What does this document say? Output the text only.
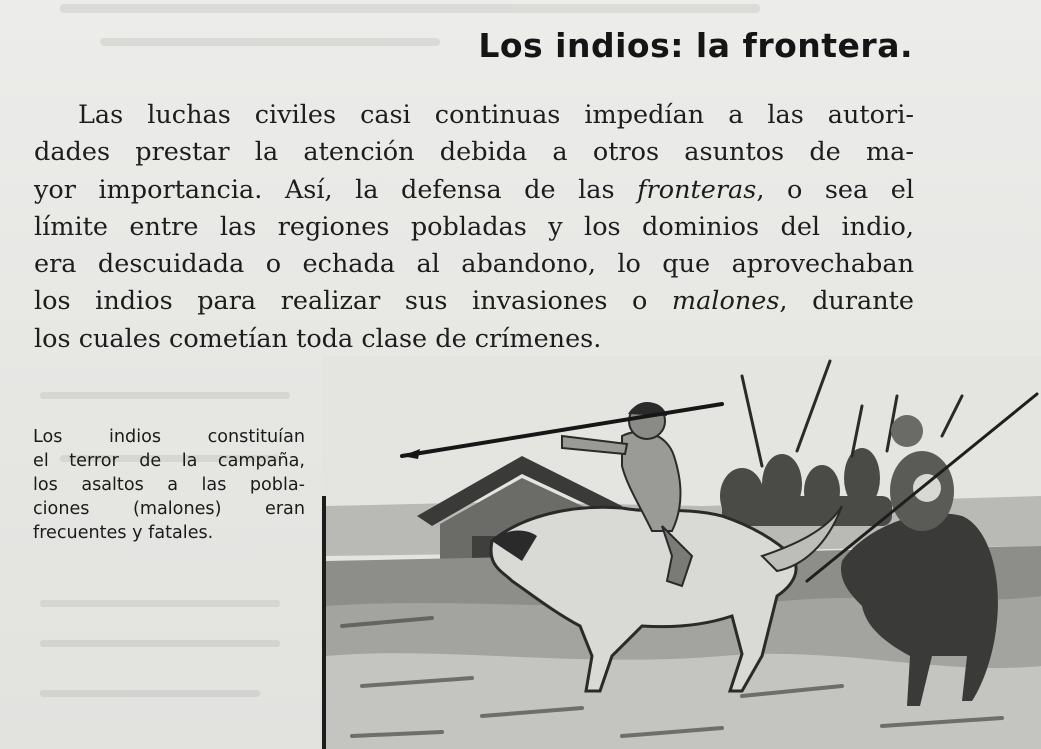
Los indios: la frontera.
Las luchas civiles casi continuas impedían a las autori-
dades prestar la atención debida a otros asuntos de ma-
yor importancia. Así, la defensa de las fronteras, o sea el
límite entre las regiones pobladas y los dominios del indio,
era descuidada o echada al abandono, lo que aprovechaban
los indios para realizar sus invasiones o malones, durante
los cuales cometían toda clase de crímenes.
Los indios constituían
el terror de la campaña,
los asaltos a las pobla-
ciones (malones) eran
frecuentes y fatales.
